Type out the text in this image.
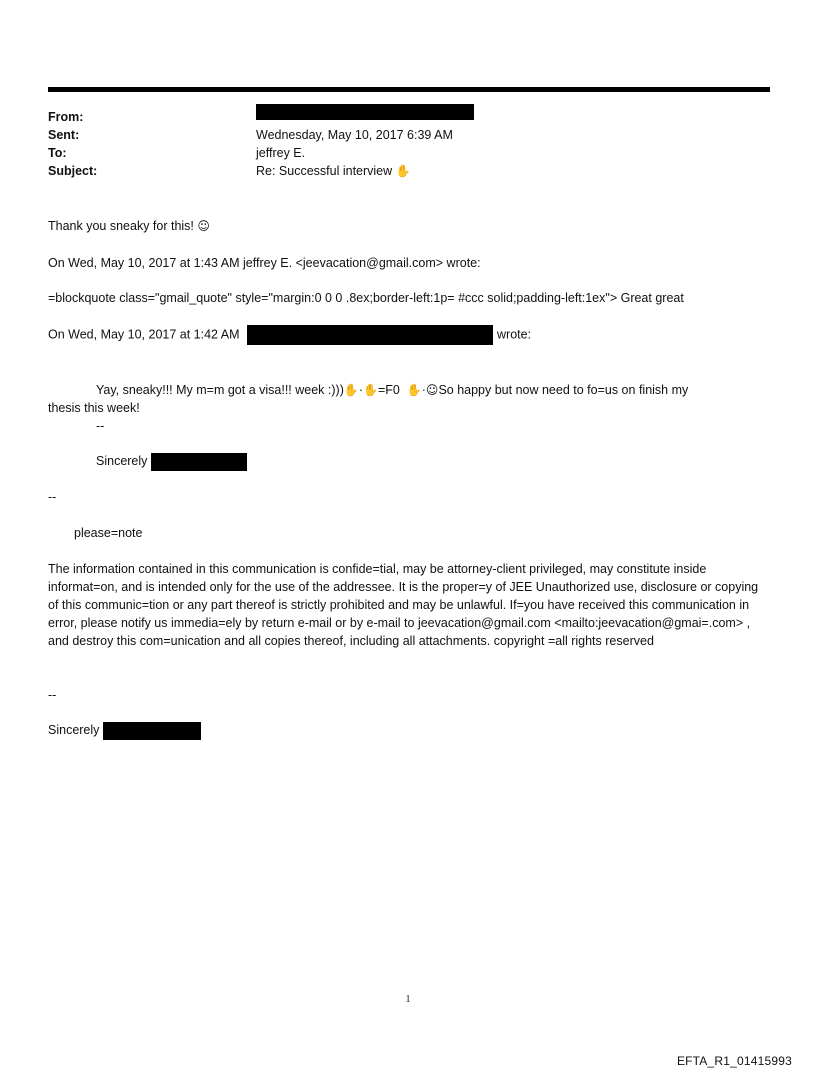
From:
Sent:	Wednesday, May 10, 2017 6:39 AM
To:	jeffrey E.
Subject:	Re: Successful interview
✋

Thank you sneaky for this! ☺

On Wed, May 10, 2017 at 1:43 AM jeffrey E. <jeevacation@gmail.com> wrote:

=blockquote class="gmail_quote" style="margin:0 0 0 .8ex;border-left:1p= #ccc solid;padding-left:1ex"> Great great

On Wed, May 10, 2017 at 1:42 AM	wrote:

Yay, sneaky!!! My m=m got a visa!!! week :)))✋·✋=F0 ✋·☺So happy but now need to fo=us on finish my

thesis this week!

--

Sincerely

--

please=note

The information contained in this communication is confide=tial, may be attorney-client privileged, may constitute inside informat=on, and is intended only for the use of the addressee. It is the proper=y of JEE Unauthorized use, disclosure or copying of this communic=tion or any part thereof is strictly prohibited and may be unlawful. If=you have received this communication in error, please notify us immedia=ely by return e-mail or by e-mail to jeevacation@gmail.com <mailto:jeevacation@gmai=.com> , and destroy this com=unication and all copies thereof, including all attachments. copyright =all rights reserved

--

Sincerely

1
EFTA_R1_01415993
